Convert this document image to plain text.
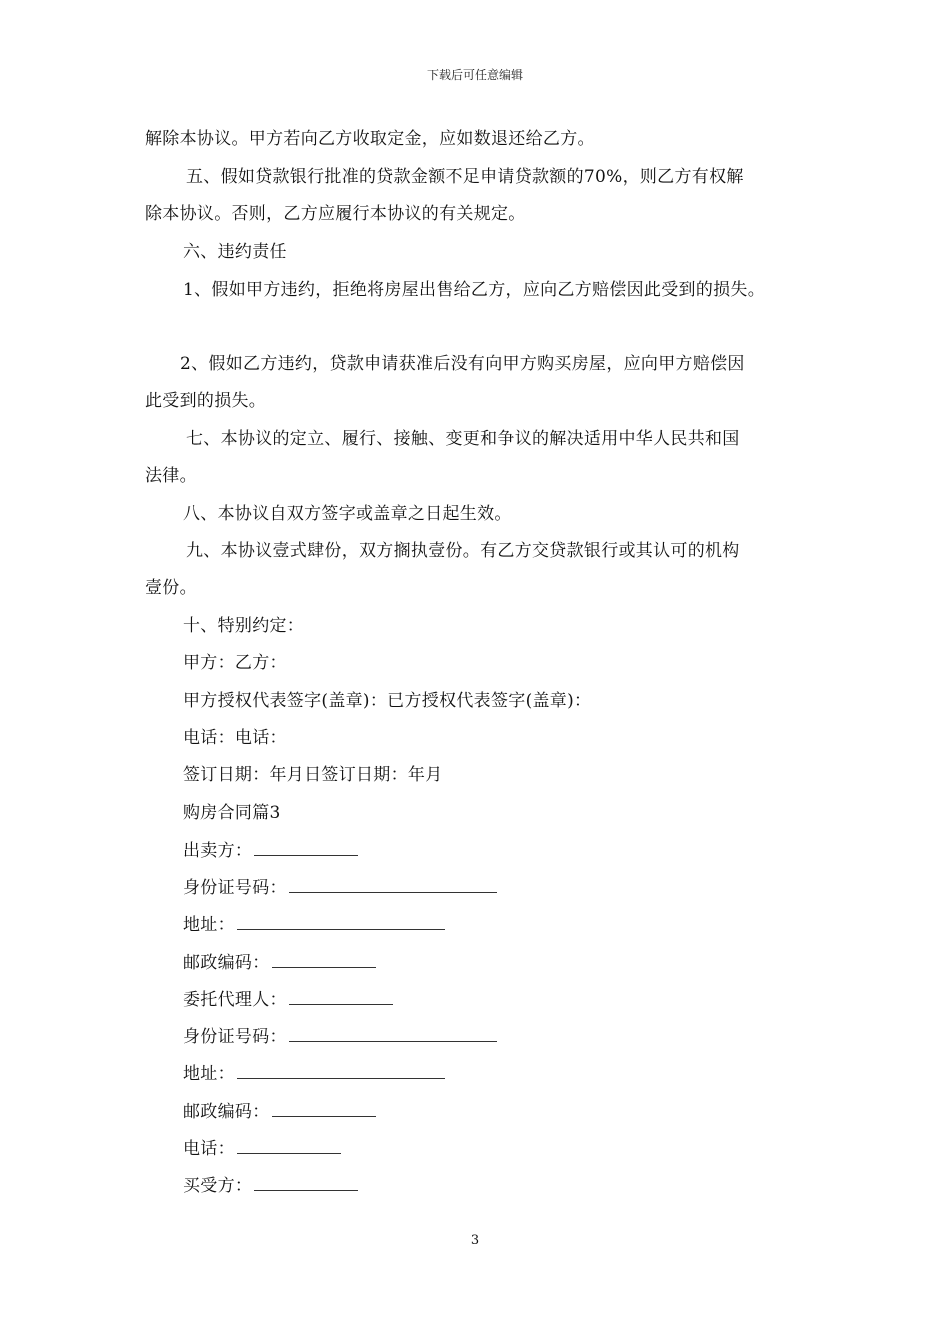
下载后可任意编辑
解除本协议。甲方若向乙方收取定金，应如数退还给乙方。
五、假如贷款银行批准的贷款金额不足申请贷款额的70%，则乙方有权解
除本协议。否则，乙方应履行本协议的有关规定。
六、违约责任
1、假如甲方违约，拒绝将房屋出售给乙方，应向乙方赔偿因此受到的损失。
2、假如乙方违约，贷款申请获准后没有向甲方购买房屋，应向甲方赔偿因
此受到的损失。
七、本协议的定立、履行、接触、变更和争议的解决适用中华人民共和国
法律。
八、本协议自双方签字或盖章之日起生效。
九、本协议壹式肆份，双方搁执壹份。有乙方交贷款银行或其认可的机构
壹份。
十、特别约定：
甲方：乙方：
甲方授权代表签字(盖章)：已方授权代表签字(盖章)：
电话：电话：
签订日期：年月日签订日期：年月
购房合同篇3
出卖方：
身份证号码：
地址：
邮政编码：
委托代理人：
身份证号码：
地址：
邮政编码：
电话：
买受方：
3
